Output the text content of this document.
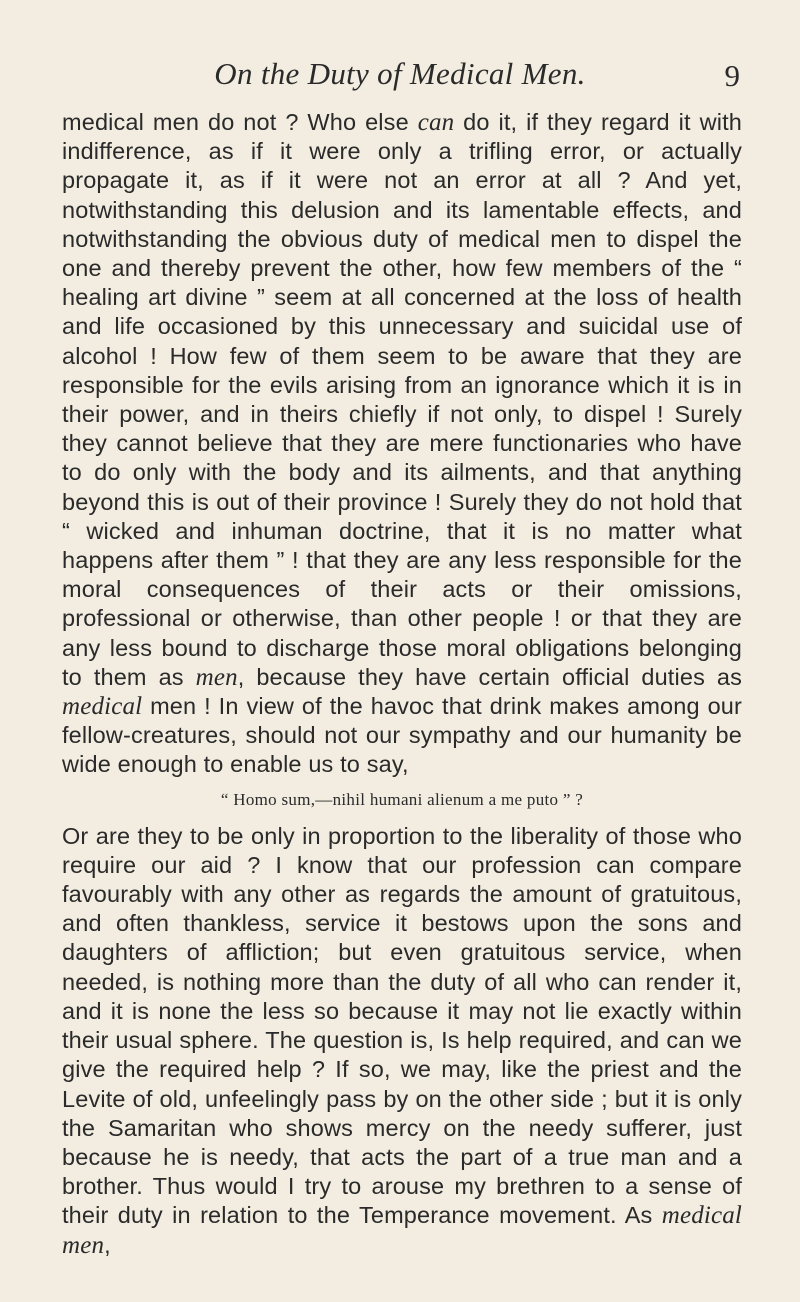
On the Duty of Medical Men.	9

medical men do not ? Who else can do it, if they regard it with indifference, as if it were only a trifling error, or actually propagate it, as if it were not an error at all ? And yet, notwithstanding this delusion and its lamentable effects, and notwithstanding the obvious duty of medical men to dispel the one and thereby prevent the other, how few members of the “ healing art divine ” seem at all concerned at the loss of health and life occasioned by this unnecessary and suicidal use of alcohol ! How few of them seem to be aware that they are responsible for the evils arising from an ignorance which it is in their power, and in theirs chiefly if not only, to dispel ! Surely they cannot believe that they are mere functionaries who have to do only with the body and its ailments, and that anything beyond this is out of their province ! Surely they do not hold that “ wicked and inhuman doctrine, that it is no matter what happens after them ” ! that they are any less responsible for the moral consequences of their acts or their omissions, professional or otherwise, than other people ! or that they are any less bound to discharge those moral obligations belonging to them as men, because they have certain official duties as medical men ! In view of the havoc that drink makes among our fellow-creatures, should not our sympathy and our humanity be wide enough to enable us to say,

“ Homo sum,—nihil humani alienum a me puto ” ?

Or are they to be only in proportion to the liberality of those who require our aid ? I know that our profession can compare favourably with any other as regards the amount of gratuitous, and often thankless, service it bestows upon the sons and daughters of affliction; but even gratuitous service, when needed, is nothing more than the duty of all who can render it, and it is none the less so because it may not lie exactly within their usual sphere. The question is, Is help required, and can we give the required help ? If so, we may, like the priest and the Levite of old, unfeelingly pass by on the other side ; but it is only the Samaritan who shows mercy on the needy sufferer, just because he is needy, that acts the part of a true man and a brother. Thus would I try to arouse my brethren to a sense of their duty in relation to the Temperance movement. As medical men,
